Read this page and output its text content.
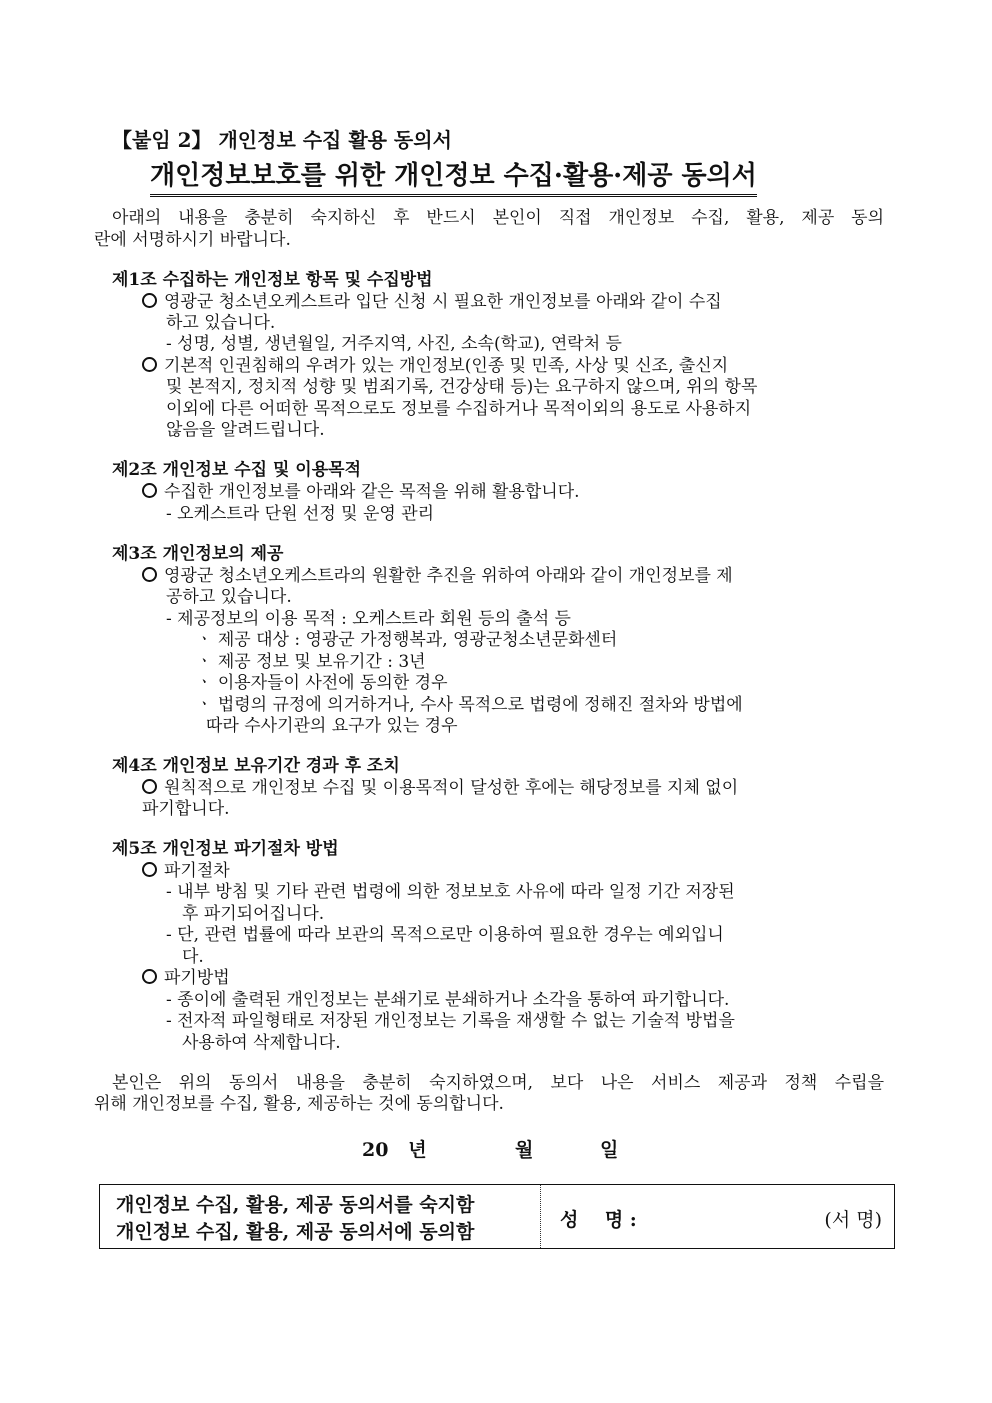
【붙임 2】 개인정보 수집 활용 동의서
개인정보보호를 위한 개인정보 수집·활용·제공 동의서
아래의 내용을 충분히 숙지하신 후 반드시 본인이 직접 개인정보 수집, 활용, 제공 동의
란에 서명하시기 바랍니다.
제1조 수집하는 개인정보 항목 및 수집방법
영광군 청소년오케스트라 입단 신청 시 필요한 개인정보를 아래와 같이 수집
하고 있습니다.
- 성명, 성별, 생년월일, 거주지역, 사진, 소속(학교), 연락처 등
기본적 인권침해의 우려가 있는 개인정보(인종 및 민족, 사상 및 신조, 출신지
및 본적지, 정치적 성향 및 범죄기록, 건강상태 등)는 요구하지 않으며, 위의 항목
이외에 다른 어떠한 목적으로도 정보를 수집하거나 목적이외의 용도로 사용하지
않음을 알려드립니다.
제2조 개인정보 수집 및 이용목적
수집한 개인정보를 아래와 같은 목적을 위해 활용합니다.
- 오케스트라 단원 선정 및 운영 관리
제3조 개인정보의 제공
영광군 청소년오케스트라의 원활한 추진을 위하여 아래와 같이 개인정보를 제
공하고 있습니다.
- 제공정보의 이용 목적 : 오케스트라 회원 등의 출석 등
ㆍ 제공 대상 : 영광군 가정행복과, 영광군청소년문화센터
ㆍ 제공 정보 및 보유기간 : 3년
ㆍ 이용자들이 사전에 동의한 경우
ㆍ 법령의 규정에 의거하거나, 수사 목적으로 법령에 정해진 절차와 방법에
따라 수사기관의 요구가 있는 경우
제4조 개인정보 보유기간 경과 후 조치
원칙적으로 개인정보 수집 및 이용목적이 달성한 후에는 해당정보를 지체 없이
파기합니다.
제5조 개인정보 파기절차 방법
파기절차
- 내부 방침 및 기타 관련 법령에 의한 정보보호 사유에 따라 일정 기간 저장된
후 파기되어집니다.
- 단, 관련 법률에 따라 보관의 목적으로만 이용하여 필요한 경우는 예외입니
다.
파기방법
- 종이에 출력된 개인정보는 분쇄기로 분쇄하거나 소각을 통하여 파기합니다.
- 전자적 파일형태로 저장된 개인정보는 기록을 재생할 수 없는 기술적 방법을
사용하여 삭제합니다.
본인은 위의 동의서 내용을 충분히 숙지하였으며, 보다 나은 서비스 제공과 정책 수립을
위해 개인정보를 수집, 활용, 제공하는 것에 동의합니다.
20   년	월	일
개인정보 수집, 활용, 제공 동의서를 숙지함
개인정보 수집, 활용, 제공 동의서에 동의함
성    명 :	(서 명)
